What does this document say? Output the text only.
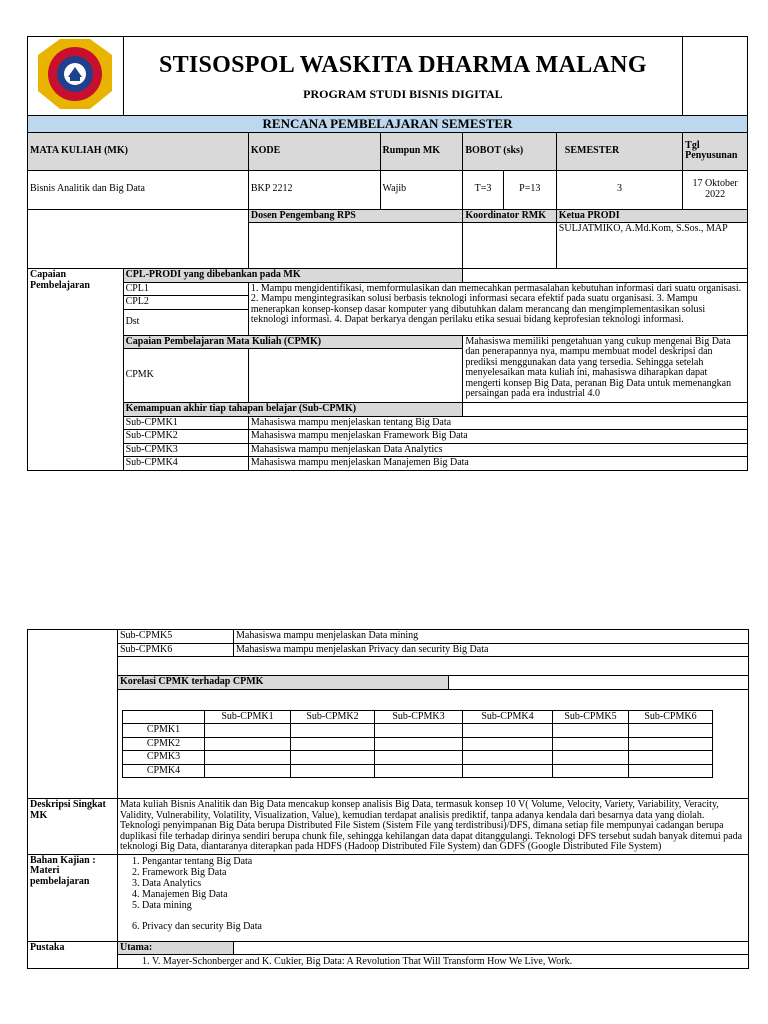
STISOSPOL WASKITA DHARMA MALANG
PROGRAM STUDI BISNIS DIGITAL						

RENCANA PEMBELAJARAN SEMESTER							
MATA KULIAH (MK)		KODE	Rumpun MK	BOBOT (sks)		SEMESTER	Tgl Penyusunan
Bisnis Analitik dan Big Data		BKP 2212	Wajib	T=3	P=13	3	17 Oktober 2022
		Dosen Pengembang RPS		Koordinator RMK		Ketua PRODI	
						SULJATMIKO, A.Md.Kom, S.Sos., MAP	
Capaian Pembelajaran	CPL-PRODI yang dibebankan pada MK						
	CPL1	1. Mampu mengidentifikasi, memformulasikan dan memecahkan permasalahan kebutuhan informasi dari suatu organisasi. 2. Mampu mengintegrasikan solusi berbasis teknologi informasi secara efektif pada suatu organisasi. 3. Mampu menerapkan konsep-konsep dasar komputer yang dibutuhkan dalam merancang dan mengimplementasikan solusi teknologi informasi. 4. Dapat berkarya dengan perilaku etika sesuai bidang keprofesian teknologi informasi.					
	CPL2						
	Dst						
	Capaian Pembelajaran Mata Kuliah (CPMK)			Mahasiswa memiliki pengetahuan yang cukup mengenai Big Data dan penerapannya nya, mampu membuat model deskripsi dan prediksi menggunakan data yang tersedia. Sehingga setelah menyelesaikan mata kuliah ini, mahasiswa diharapkan dapat mengerti konsep Big Data, peranan Big Data untuk memenangkan persaingan pada era industrial 4.0			
	CPMK						
	Kemampuan akhir tiap tahapan belajar (Sub-CPMK)						
	Sub-CPMK1	Mahasiswa mampu menjelaskan tentang Big Data					
	Sub-CPMK2	Mahasiswa mampu menjelaskan Framework Big Data					
	Sub-CPMK3	Mahasiswa mampu menjelaskan Data Analytics					
	Sub-CPMK4	Mahasiswa mampu menjelaskan Manajemen Big Data					
	Sub-CPMK5	Mahasiswa mampu menjelaskan Data mining
Sub-CPMK6	Mahasiswa mampu menjelaskan Privacy dan security Big Data

Korelasi CPMK terhadap CPMK	
	Sub-CPMK1	Sub-CPMK2	Sub-CPMK3	Sub-CPMK4	Sub-CPMK5	Sub-CPMK6
CPMK1						
CPMK2						
CPMK3						
CPMK4						

Deskripsi Singkat MK	Mata kuliah Bisnis Analitik dan Big Data mencakup konsep analisis Big Data, termasuk konsep 10 V( Volume, Velocity, Variety, Variability, Veracity, Validity, Vulnerability, Volatility, Visualization, Value), kemudian terdapat analisis prediktif, tanpa adanya kendala dari besarnya data yang diolah. Teknologi penyimpanan Big Data berupa Distributed File Sistem (Sistem File yang terdistribusi)/DFS, dimana setiap file mempunyai cadangan berupa duplikasi file terhadap dirinya sendiri berupa chunk file, sehingga kehilangan data dapat ditanggulangi. Teknologi DFS tersebut sudah banyak ditemui pada teknologi Big Data, diantaranya diterapkan pada HDFS (Hadoop Distributed File System) dan GDFS (Google Distributed File System)
Bahan Kajian : Materi pembelajaran	
1. Pengantar tentang Big Data
2. Framework Big Data
3. Data Analytics
4. Manajemen Big Data
5. Data mining
6. Privacy dan security Big Data

Pustaka	Utama:	

1. V. Mayer-Schonberger and K. Cukier, Big Data: A Revolution That Will Transform How We Live, Work.
